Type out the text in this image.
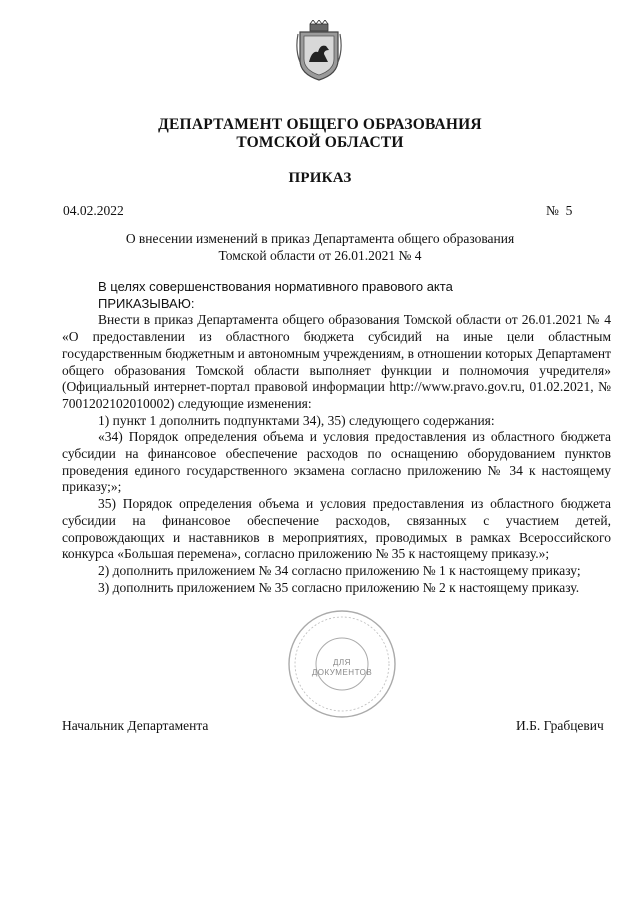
ДЕПАРТАМЕНТ ОБЩЕГО ОБРАЗОВАНИЯ
ТОМСКОЙ ОБЛАСТИ
ПРИКАЗ
04.02.2022	№  5
О внесении изменений в приказ Департамента общего образования
Томской области от 26.01.2021 № 4

В целях совершенствования нормативного правового акта

ПРИКАЗЫВАЮ:

Внести в приказ Департамента общего образования Томской области от 26.01.2021 № 4 «О предоставлении из областного бюджета субсидий на иные цели областным государственным бюджетным и автономным учреждениям, в отношении которых Департамент общего образования Томской области выполняет функции и полномочия учредителя» (Официальный интернет-портал правовой информации http://www.pravo.gov.ru, 01.02.2021, № 7001202102010002) следующие изменения:

1) пункт 1 дополнить подпунктами 34), 35) следующего содержания:

«34) Порядок определения объема и условия предоставления из областного бюджета субсидии на финансовое обеспечение расходов по оснащению оборудованием пунктов проведения единого государственного экзамена согласно приложению № 34 к настоящему приказу;»;

35) Порядок определения объема и условия предоставления из областного бюджета субсидии на финансовое обеспечение расходов, связанных с участием детей, сопровождающих и наставников в мероприятиях, проводимых в рамках Всероссийского конкурса «Большая перемена», согласно приложению № 35 к настоящему приказу.»;

2) дополнить приложением № 34 согласно приложению № 1 к настоящему приказу;

3) дополнить приложением № 35 согласно приложению № 2 к настоящему приказу.

ДЛЯ
ДОКУМЕНТОВ
Начальник Департамента	И.Б. Грабцевич
